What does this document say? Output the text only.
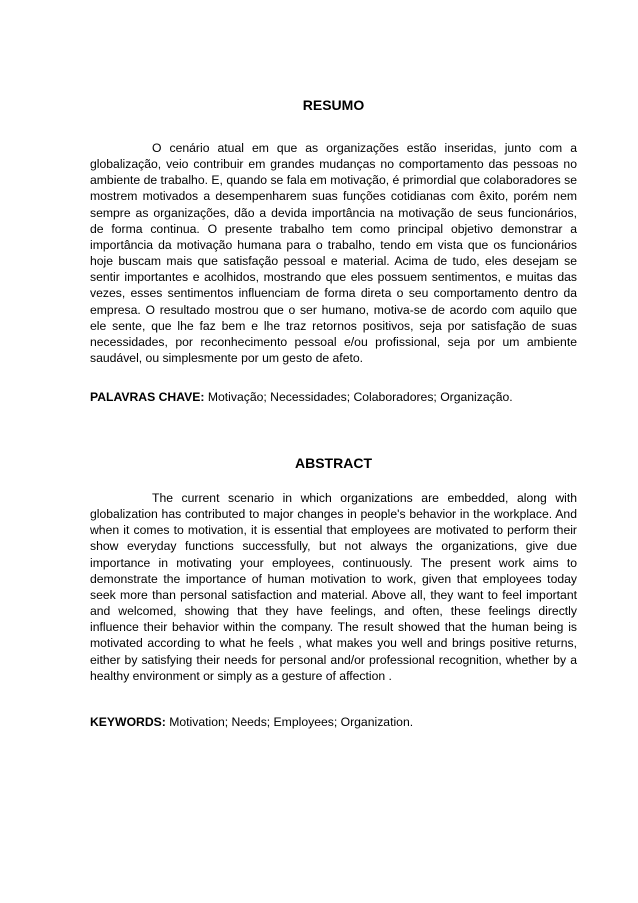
RESUMO

O cenário atual em que as organizações estão inseridas, junto com a globalização, veio contribuir em grandes mudanças no comportamento das pessoas no ambiente de trabalho. E, quando se fala em motivação, é primordial que colaboradores se mostrem motivados a desempenharem suas funções cotidianas com êxito, porém nem sempre as organizações, dão a devida importância na motivação de seus funcionários, de forma continua. O presente trabalho tem como principal objetivo demonstrar a importância da motivação humana para o trabalho, tendo em vista que os funcionários hoje buscam mais que satisfação pessoal e material. Acima de tudo, eles desejam se sentir importantes e acolhidos, mostrando que eles possuem sentimentos, e muitas das vezes, esses sentimentos influenciam de forma direta o seu comportamento dentro da empresa. O resultado mostrou que o ser humano, motiva-se de acordo com aquilo que ele sente, que lhe faz bem e lhe traz retornos positivos, seja por satisfação de suas necessidades, por reconhecimento pessoal e/ou profissional, seja por um ambiente saudável, ou simplesmente por um gesto de afeto.

PALAVRAS CHAVE: Motivação; Necessidades; Colaboradores; Organização.

ABSTRACT

The current scenario in which organizations are embedded, along with globalization has contributed to major changes in people's behavior in the workplace. And when it comes to motivation, it is essential that employees are motivated to perform their show everyday functions successfully, but not always the organizations, give due importance in motivating your employees, continuously. The present work aims to demonstrate the importance of human motivation to work, given that employees today seek more than personal satisfaction and material. Above all, they want to feel important and welcomed, showing that they have feelings, and often, these feelings directly influence their behavior within the company. The result showed that the human being is motivated according to what he feels , what makes you well and brings positive returns, either by satisfying their needs for personal and/or professional recognition, whether by a healthy environment or simply as a gesture of affection .

KEYWORDS: Motivation; Needs; Employees; Organization.
